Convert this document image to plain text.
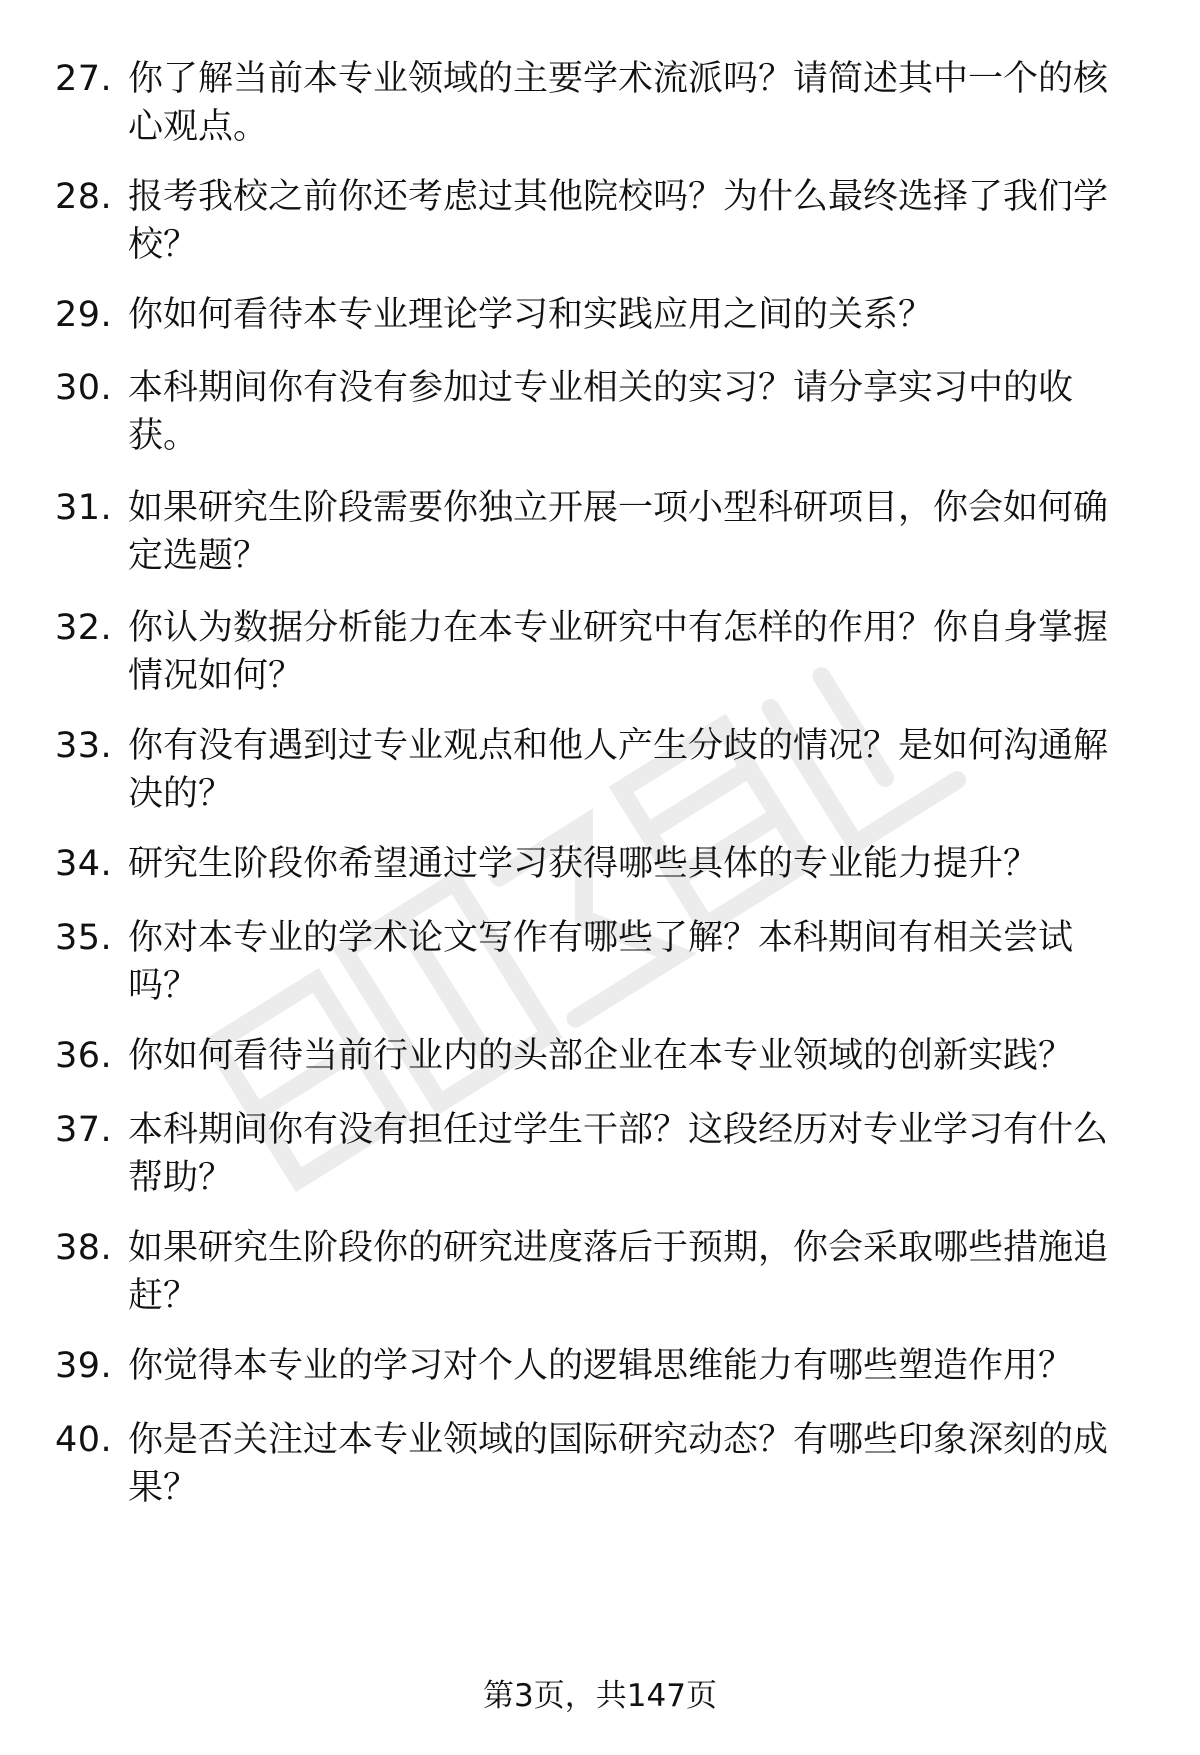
27. 你了解当前本专业领域的主要学术流派吗？请简述其中一个的核心观点。
28. 报考我校之前你还考虑过其他院校吗？为什么最终选择了我们学校？
29. 你如何看待本专业理论学习和实践应用之间的关系？
30. 本科期间你有没有参加过专业相关的实习？请分享实习中的收获。
31. 如果研究生阶段需要你独立开展一项小型科研项目，你会如何确定选题？
32. 你认为数据分析能力在本专业研究中有怎样的作用？你自身掌握情况如何？
33. 你有没有遇到过专业观点和他人产生分歧的情况？是如何沟通解决的？
34. 研究生阶段你希望通过学习获得哪些具体的专业能力提升？
35. 你对本专业的学术论文写作有哪些了解？本科期间有相关尝试吗？
36. 你如何看待当前行业内的头部企业在本专业领域的创新实践？
37. 本科期间你有没有担任过学生干部？这段经历对专业学习有什么帮助？
38. 如果研究生阶段你的研究进度落后于预期，你会采取哪些措施追赶？
39. 你觉得本专业的学习对个人的逻辑思维能力有哪些塑造作用？
40. 你是否关注过本专业领域的国际研究动态？有哪些印象深刻的成果？
第3页，共147页
